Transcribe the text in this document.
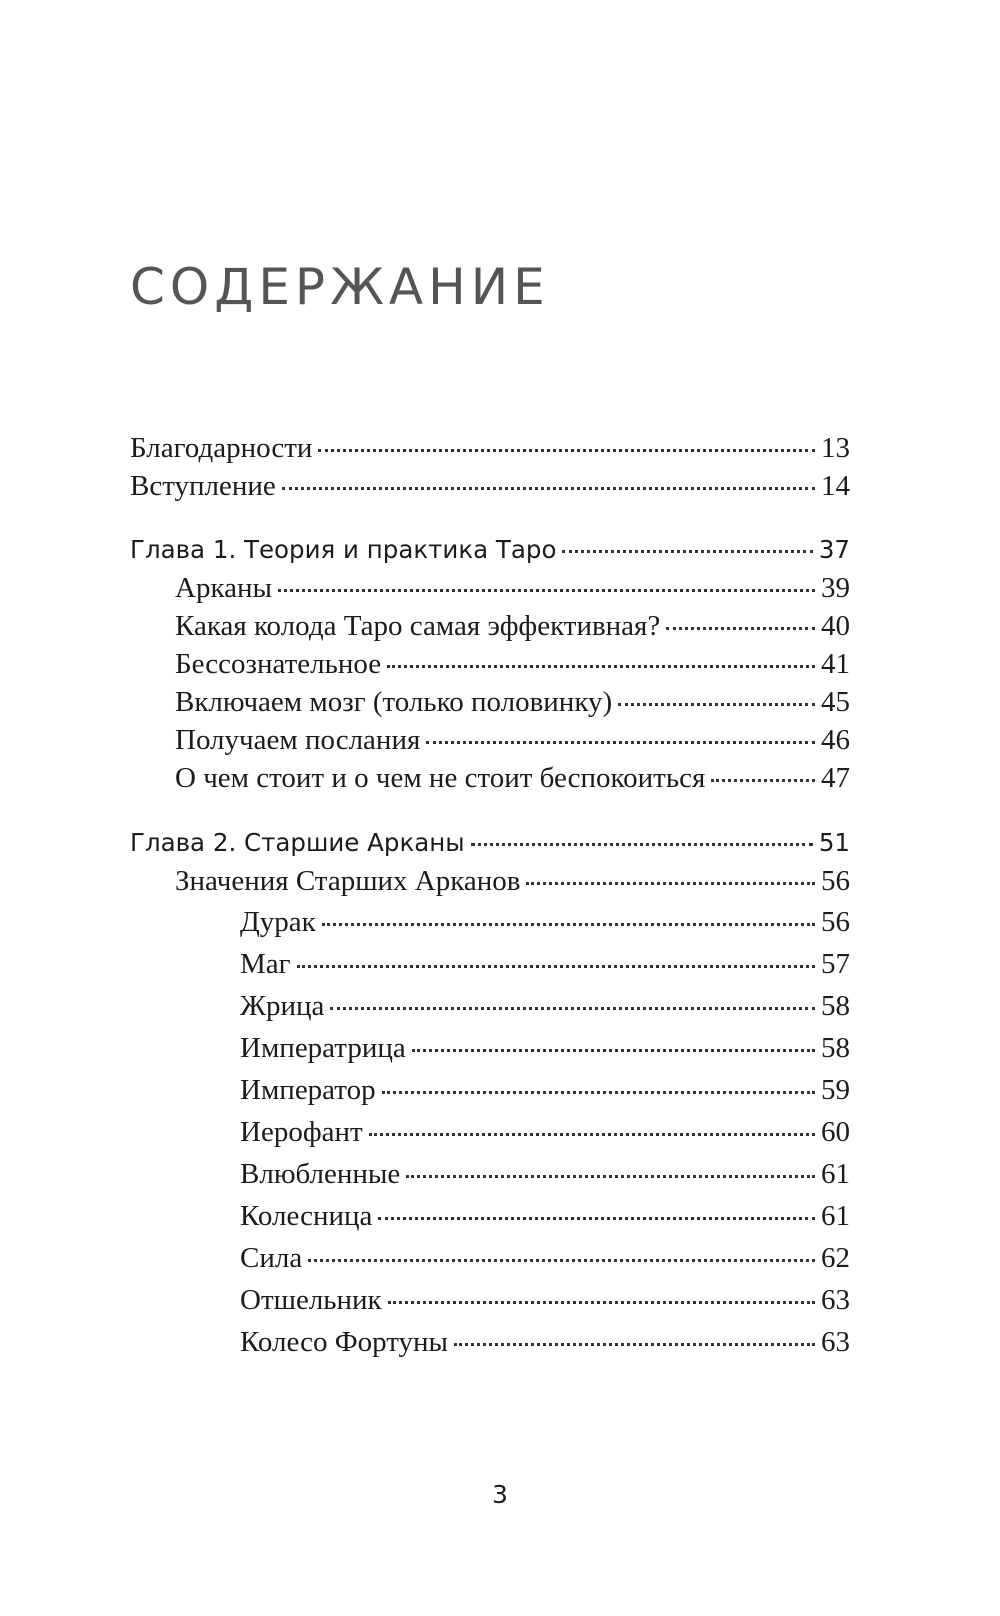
СОДЕРЖАНИЕ
Благодарности	13
Вступление	14
Глава 1. Теория и практика Таро	37
Арканы	39
Какая колода Таро самая эффективная?	40
Бессознательное	41
Включаем мозг (только половинку)	45
Получаем послания	46
О чем стоит и о чем не стоит беспокоиться	47
Глава 2. Старшие Арканы	51
Значения Старших Арканов	56
Дурак	56
Маг	57
Жрица	58
Императрица	58
Император	59
Иерофант	60
Влюбленные	61
Колесница	61
Сила	62
Отшельник	63
Колесо Фортуны	63
3
